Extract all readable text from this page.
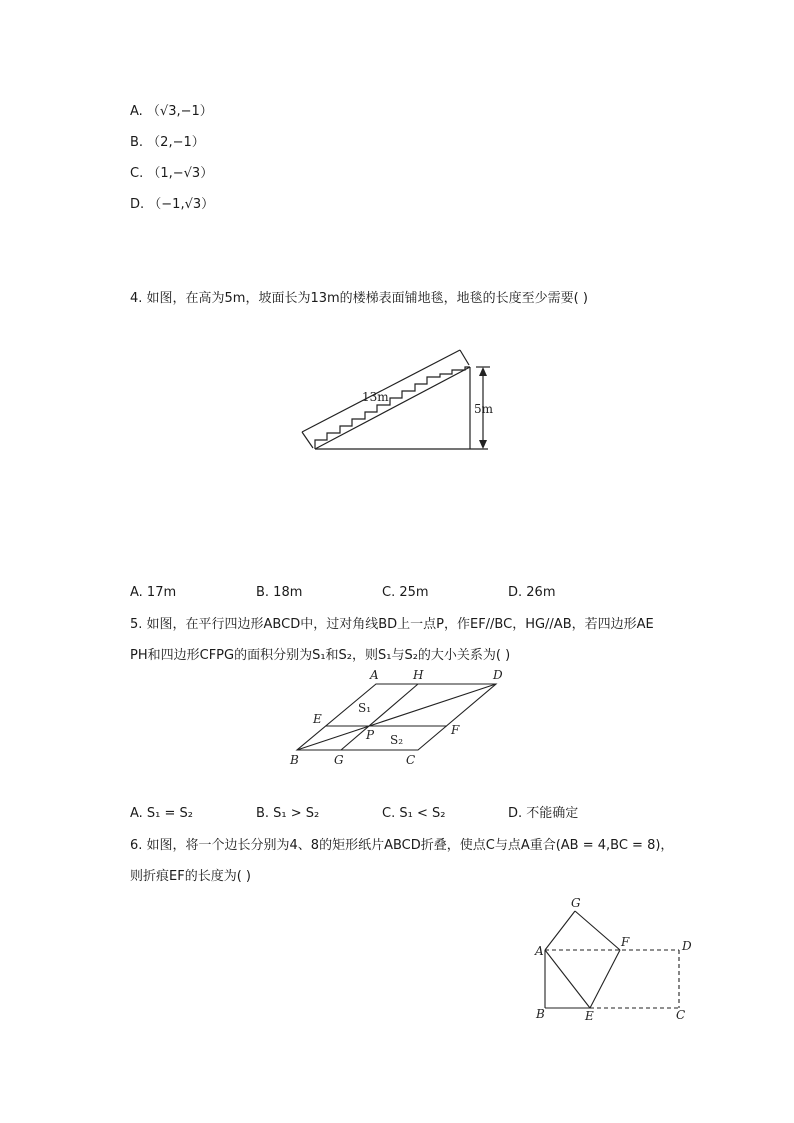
A. （√3,−1）
B. （2,−1）
C. （1,−√3）
D. （−1,√3）
4. 如图，在高为5m，坡面长为13m的楼梯表面铺地毯，地毯的长度至少需要( )
13m
5m
A. 17m	B. 18m	C. 25m	D. 26m
5. 如图，在平行四边形ABCD中，过对角线BD上一点P，作EF//BC，HG//AB，若四边形AE
PH和四边形CFPG的面积分别为S₁和S₂，则S₁与S₂的大小关系为( )
A	H	D
E
F
P
B	G	C
S₁
S₂
A. S₁ = S₂	B. S₁ > S₂	C. S₁ < S₂	D. 不能确定
6. 如图，将一个边长分别为4、8的矩形纸片ABCD折叠，使点C与点A重合(AB = 4,BC = 8)，
则折痕EF的长度为( )
G
A
F	D
B	E	C
